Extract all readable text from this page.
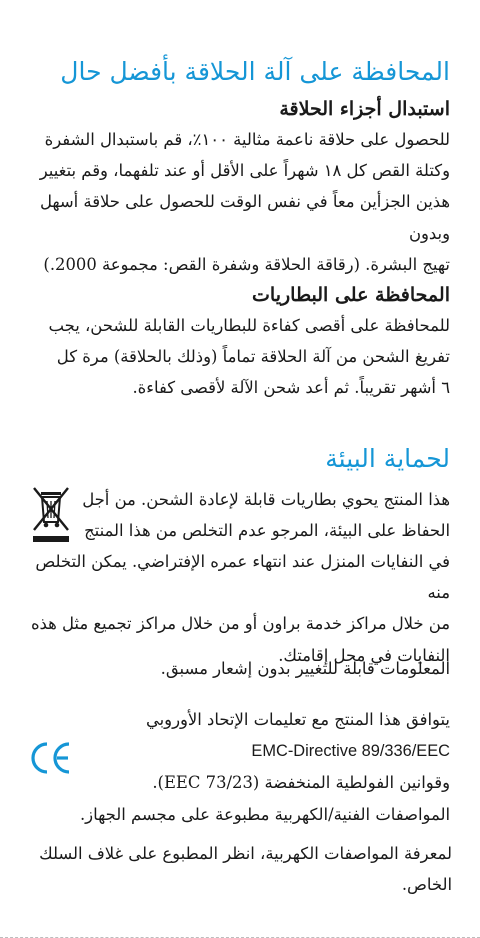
المحافظة على آلة الحلاقة بأفضل حال
استبدال أجزاء الحلاقة

للحصول على حلاقة ناعمة مثالية ١٠٠٪، قم باستبدال الشفرة
وكتلة القص كل ١٨ شهراً على الأقل أو عند تلفهما، وقم بتغيير
هذين الجزأين معاً في نفس الوقت للحصول على حلاقة أسهل وبدون
تهيج البشرة. (رقاقة الحلاقة وشفرة القص: مجموعة 2000.)

المحافظة على البطاريات

للمحافظة على أقصى كفاءة للبطاريات القابلة للشحن، يجب
تفريغ الشحن من آلة الحلاقة تماماً (وذلك بالحلاقة) مرة كل
٦ أشهر تقريباً. ثم أعد شحن الآلة لأقصى كفاءة.

لحماية البيئة

هذا المنتج يحوي بطاريات قابلة لإعادة الشحن. من أجل
الحفاظ على البيئة، المرجو عدم التخلص من هذا المنتج

في النفايات المنزل عند انتهاء عمره الإفتراضي. يمكن التخلص منه
من خلال مراكز خدمة براون أو من خلال مراكز تجميع مثل هذه
النفايات في محل إقامتك.

المعلومات قابلة للتغيير بدون إشعار مسبق.

يتوافق هذا المنتج مع تعليمات الإتحاد الأوروبي
EMC-Directive 89/336/EEC
وقوانين الفولطية المنخفضة (73/23 EEC).
المواصفات الفنية/الكهربية مطبوعة على مجسم الجهاز.

لمعرفة المواصفات الكهربية، انظر المطبوع على غلاف السلك الخاص.
